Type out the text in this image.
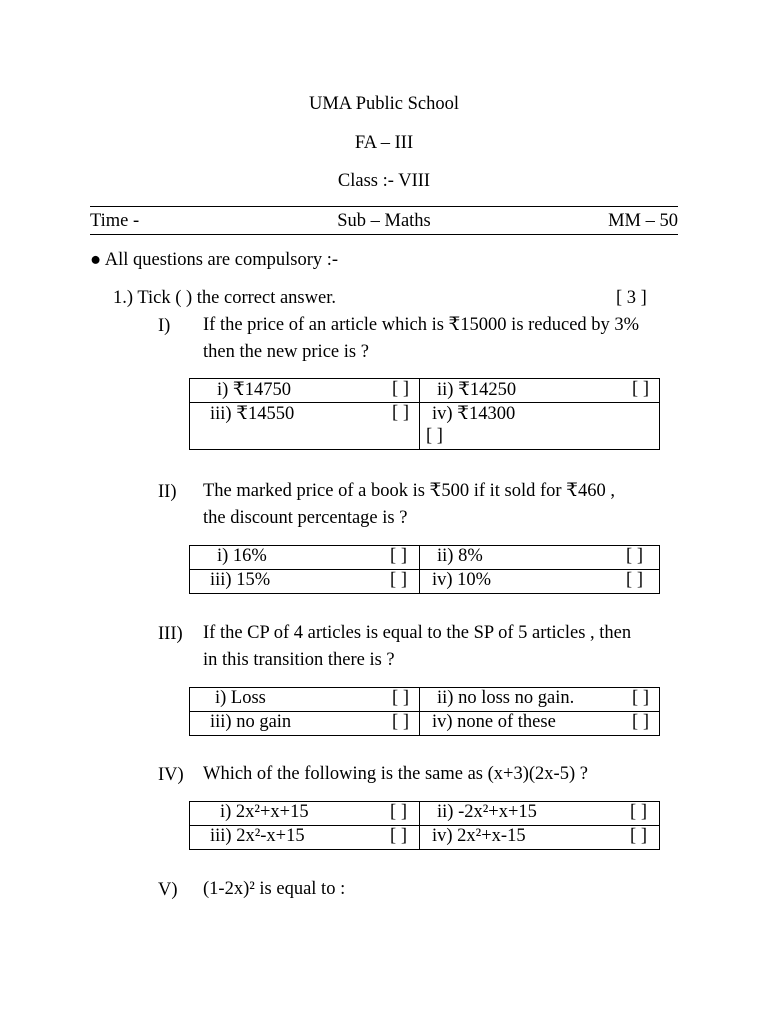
UMA Public School
FA – III
Class :- VIII
Time -	Sub – Maths	MM – 50
● All questions are compulsory :-
1.) Tick ( ) the correct answer.	[ 3 ]
I) If the price of an article which is ₹15000 is reduced by 3%
then the new price is ?
i) ₹14750 [ ]	ii) ₹14250 [ ]

iii) ₹14550 [ ]	iv) ₹14300
[ ]
II) The marked price of a book is ₹500 if it sold for ₹460 ,
the discount percentage is ?
i) 16% [ ]	ii) 8% [ ]

iii) 15% [ ]	iv) 10% [ ]
III) If the CP of 4 articles is equal to the SP of 5 articles , then
in this transition there is ?
i) Loss [ ]	ii) no loss no gain. [ ]

iii) no gain [ ]	iv) none of these [ ]
IV) Which of the following is the same as (x+3)(2x-5) ?
i) 2x²+x+15 [ ]	ii) -2x²+x+15 [ ]

iii) 2x²-x+15 [ ]	iv) 2x²+x-15 [ ]
V) (1-2x)² is equal to :
